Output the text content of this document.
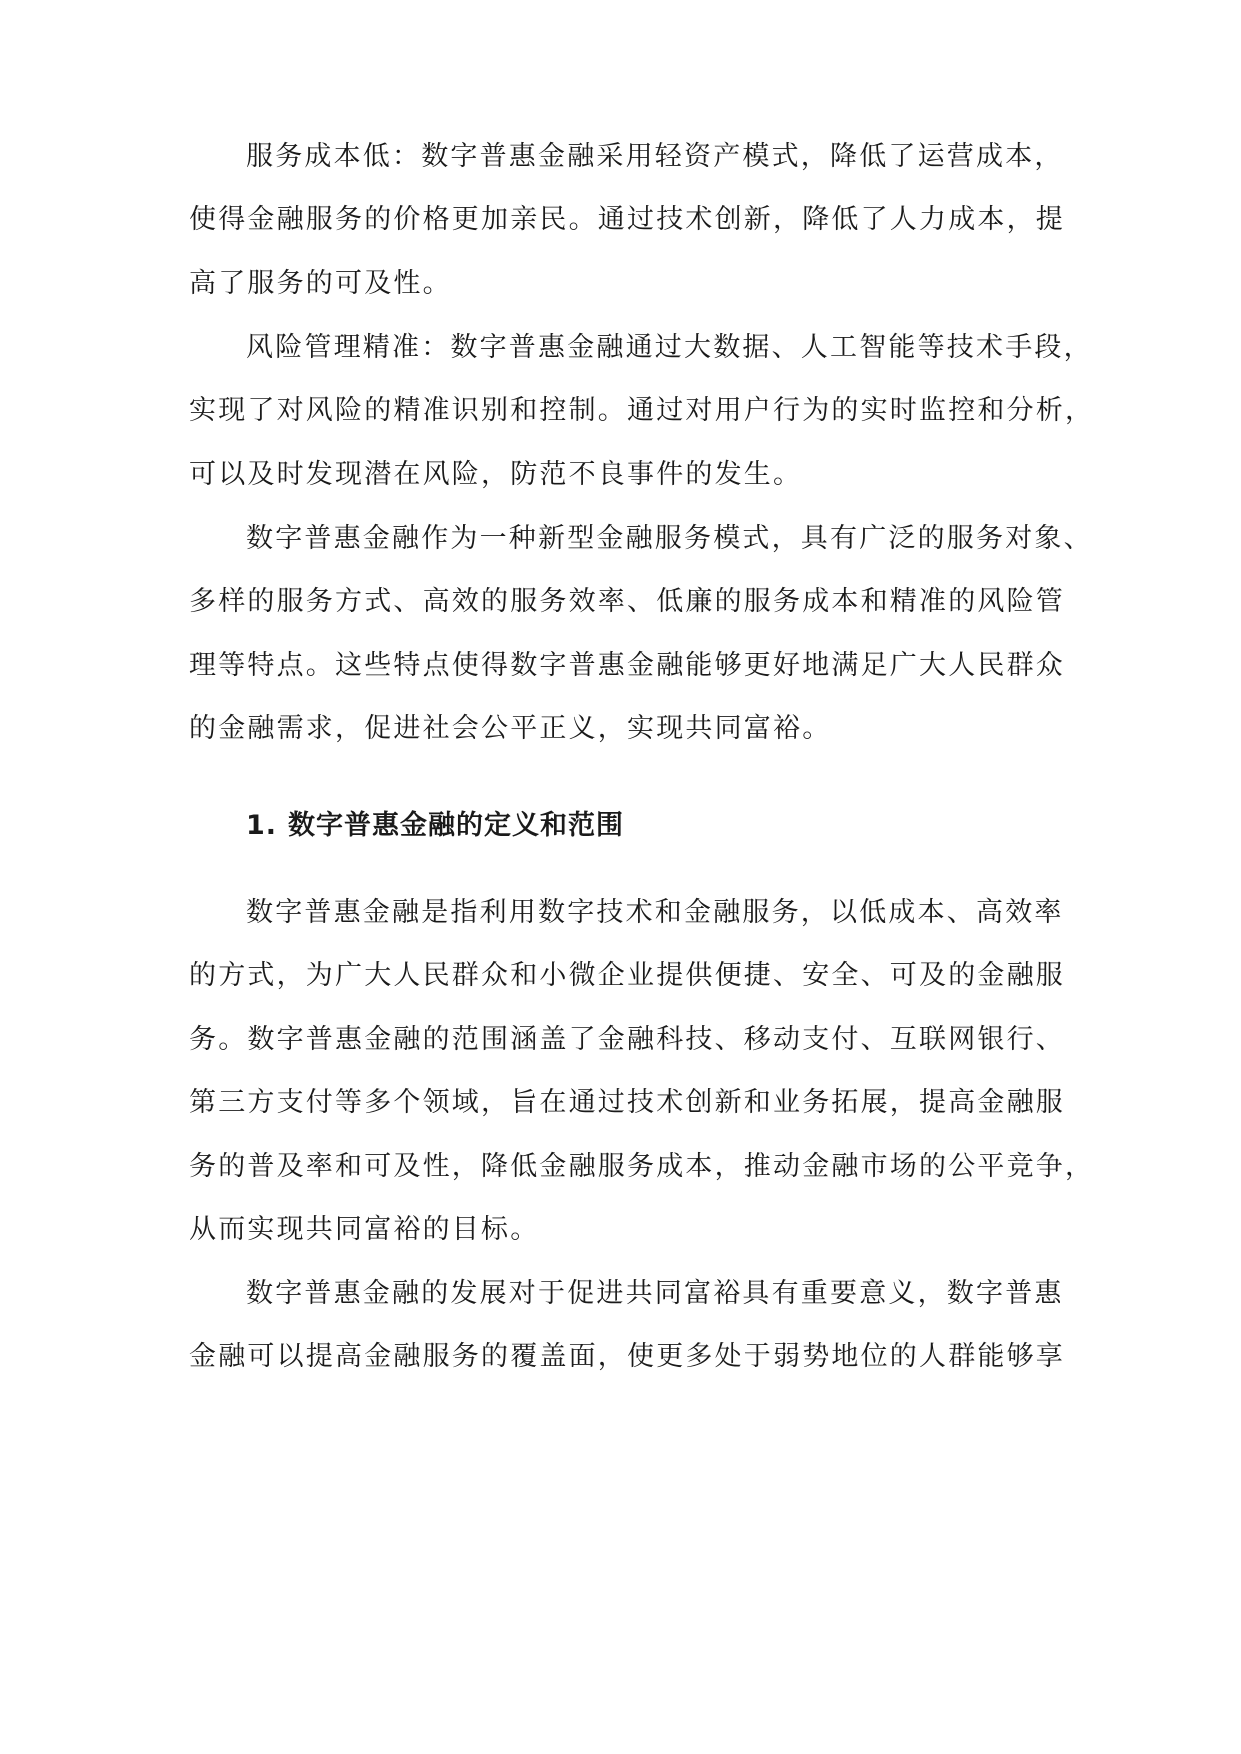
服务成本低：数字普惠金融采用轻资产模式，降低了运营成本，
使得金融服务的价格更加亲民。通过技术创新，降低了人力成本，提
高了服务的可及性。
风险管理精准：数字普惠金融通过大数据、人工智能等技术手段，
实现了对风险的精准识别和控制。通过对用户行为的实时监控和分析，
可以及时发现潜在风险，防范不良事件的发生。
数字普惠金融作为一种新型金融服务模式，具有广泛的服务对象、
多样的服务方式、高效的服务效率、低廉的服务成本和精准的风险管
理等特点。这些特点使得数字普惠金融能够更好地满足广大人民群众
的金融需求，促进社会公平正义，实现共同富裕。
1. 数字普惠金融的定义和范围
数字普惠金融是指利用数字技术和金融服务，以低成本、高效率
的方式，为广大人民群众和小微企业提供便捷、安全、可及的金融服
务。数字普惠金融的范围涵盖了金融科技、移动支付、互联网银行、
第三方支付等多个领域，旨在通过技术创新和业务拓展，提高金融服
务的普及率和可及性，降低金融服务成本，推动金融市场的公平竞争，
从而实现共同富裕的目标。
数字普惠金融的发展对于促进共同富裕具有重要意义，数字普惠
金融可以提高金融服务的覆盖面，使更多处于弱势地位的人群能够享
